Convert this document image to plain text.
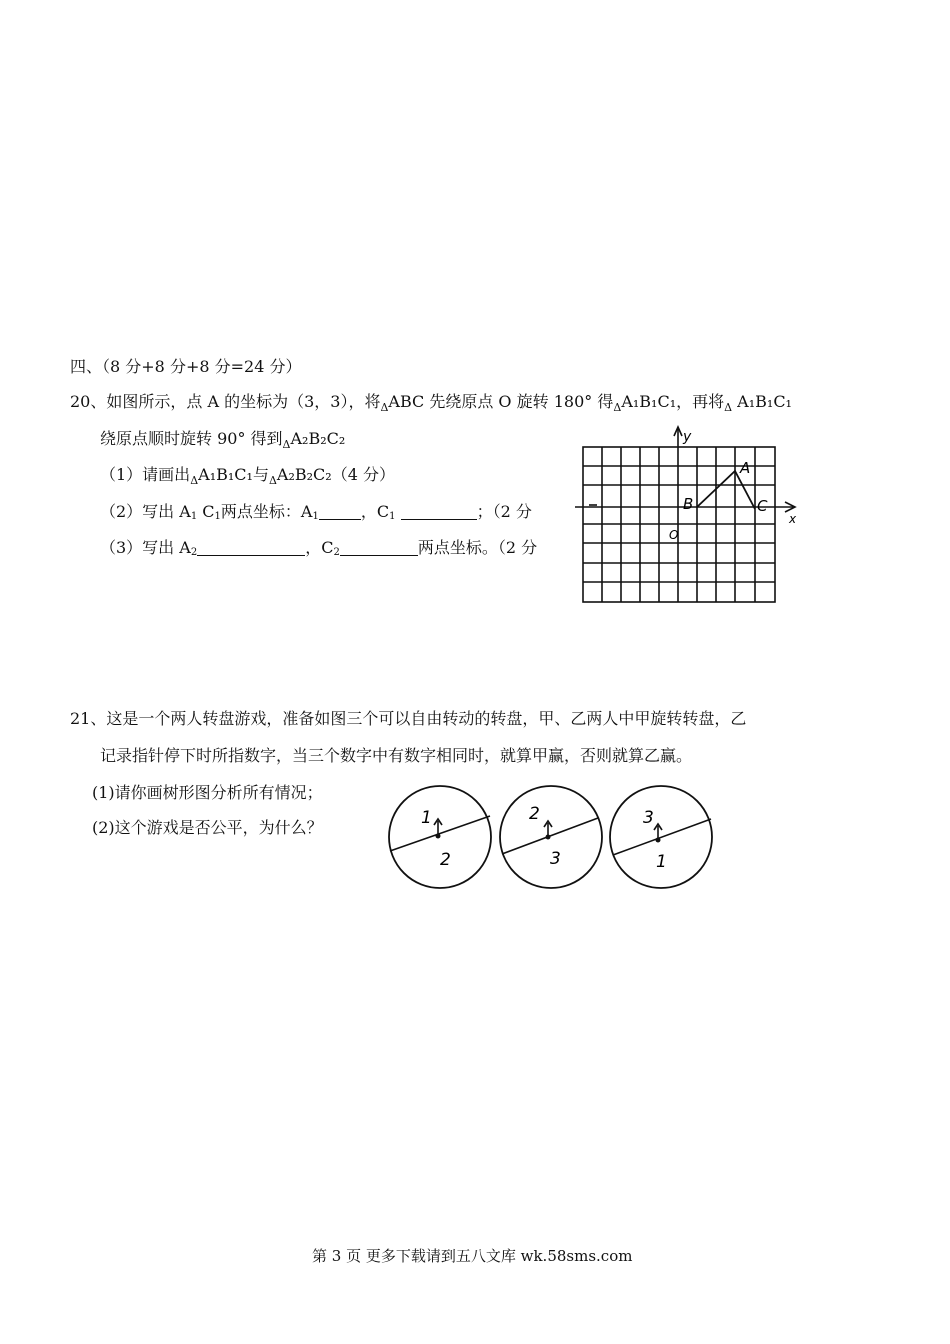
四、（8 分+8 分+8 分=24 分）
20、如图所示，点 A 的坐标为（3，3），将$_\Delta$ABC 先绕原点 O 旋转 180° 得$_\Delta$A₁B₁C₁，再将$_\Delta$ A₁B₁C₁
绕原点顺时旋转 90° 得到$_\Delta$A₂B₂C₂
（1）请画出$_\Delta$A₁B₁C₁与$_\Delta$A₂B₂C₂（4 分）
（2）写出 $A_1$ $C_1$两点坐标：$A_1$	，$C_1$	；（2 分
（3）写出 $A_2$	，$C_2$	两点坐标。（2 分
y
x
O
A
B	C
21、这是一个两人转盘游戏，准备如图三个可以自由转动的转盘，甲、乙两人中甲旋转转盘，乙
记录指针停下时所指数字，当三个数字中有数字相同时，就算甲赢，否则就算乙赢。
(1)请你画树形图分析所有情况；
(2)这个游戏是否公平，为什么？	1
2
2
3
3
1
第 3 页 更多下载请到五八文库 wk.58sms.com
